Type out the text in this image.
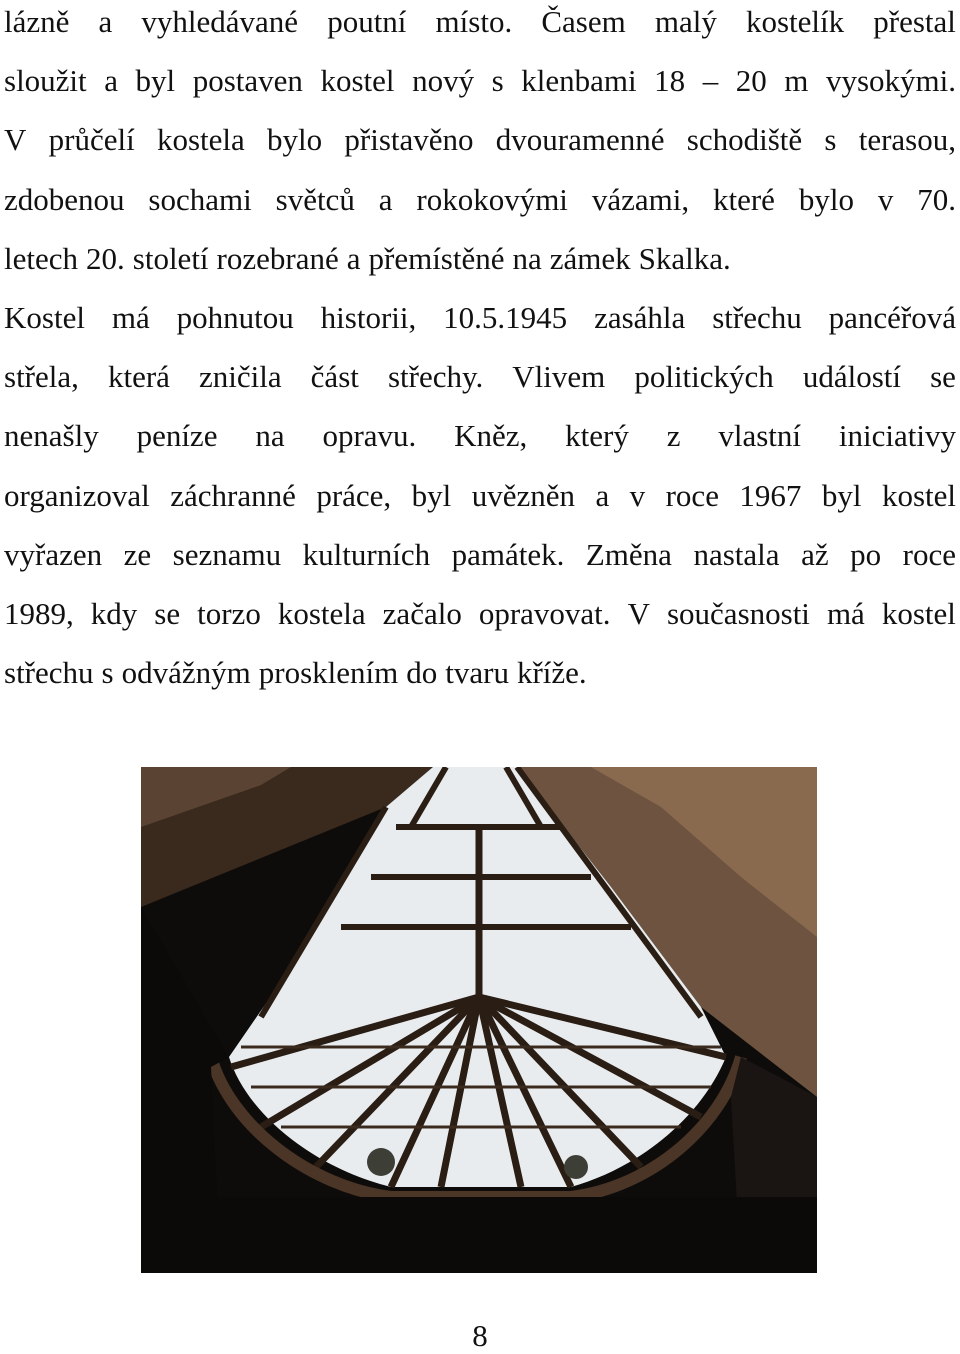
lázně a vyhledávané poutní místo. Časem malý kostelík přestal
sloužit a byl postaven kostel nový s klenbami 18 – 20 m vysokými.
V průčelí kostela bylo přistavěno dvouramenné schodiště s terasou,
zdobenou sochami světců a rokokovými vázami, které bylo v 70.
letech 20. století rozebrané a přemístěné na zámek Skalka.
Kostel má pohnutou historii, 10.5.1945 zasáhla střechu pancéřová
střela, která zničila část střechy. Vlivem politických událostí se
nenašly peníze na opravu. Kněz, který z vlastní iniciativy
organizoval záchranné práce, byl uvězněn a v roce 1967 byl kostel
vyřazen ze seznamu kulturních památek. Změna nastala až po roce
1989, kdy se torzo kostela začalo opravovat. V současnosti má kostel
střechu s odvážným prosklením do tvaru kříže.
8
